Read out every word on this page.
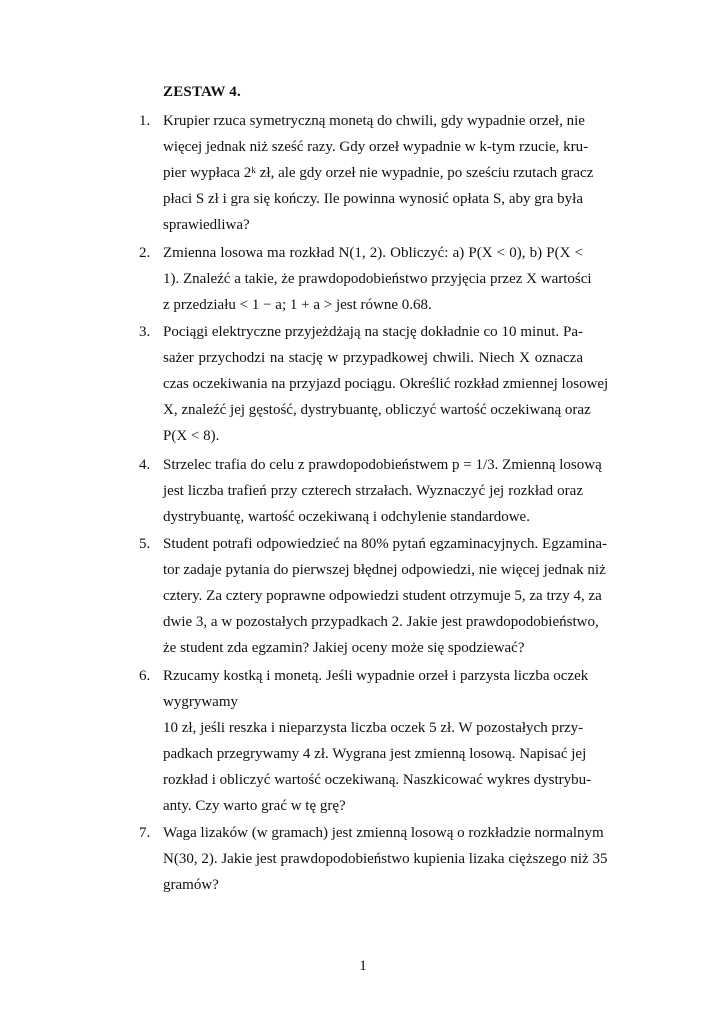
ZESTAW 4.
1. Krupier rzuca symetryczną monetą do chwili, gdy wypadnie orzeł, nie
więcej jednak niż sześć razy. Gdy orzeł wypadnie w k-tym rzucie, kru-
pier wypłaca 2ᵏ zł, ale gdy orzeł nie wypadnie, po sześciu rzutach gracz
płaci S zł i gra się kończy. Ile powinna wynosić opłata S, aby gra była
sprawiedliwa?
2. Zmienna losowa ma rozkład N(1, 2). Obliczyć: a) P(X < 0), b) P(X <
1). Znaleźć a takie, że prawdopodobieństwo przyjęcia przez X wartości
z przedziału < 1 − a; 1 + a > jest równe 0.68.
3. Pociągi elektryczne przyjeżdżają na stację dokładnie co 10 minut. Pa-
sażer przychodzi na stację w przypadkowej chwili. Niech X oznacza
czas oczekiwania na przyjazd pociągu. Określić rozkład zmiennej losowej
X, znaleźć jej gęstość, dystrybuantę, obliczyć wartość oczekiwaną oraz
P(X < 8).
4. Strzelec trafia do celu z prawdopodobieństwem p = 1/3. Zmienną losową
jest liczba trafień przy czterech strzałach. Wyznaczyć jej rozkład oraz
dystrybuantę, wartość oczekiwaną i odchylenie standardowe.
5. Student potrafi odpowiedzieć na 80% pytań egzaminacyjnych. Egzamina-
tor zadaje pytania do pierwszej błędnej odpowiedzi, nie więcej jednak niż
cztery. Za cztery poprawne odpowiedzi student otrzymuje 5, za trzy 4, za
dwie 3, a w pozostałych przypadkach 2. Jakie jest prawdopodobieństwo,
że student zda egzamin? Jakiej oceny może się spodziewać?
6. Rzucamy kostką i monetą. Jeśli wypadnie orzeł i parzysta liczba oczek
wygrywamy
10 zł, jeśli reszka i nieparzysta liczba oczek 5 zł. W pozostałych przy-
padkach przegrywamy 4 zł. Wygrana jest zmienną losową. Napisać jej
rozkład i obliczyć wartość oczekiwaną. Naszkicować wykres dystrybu-
anty. Czy warto grać w tę grę?
7. Waga lizaków (w gramach) jest zmienną losową o rozkładzie normalnym
N(30, 2). Jakie jest prawdopodobieństwo kupienia lizaka cięższego niż 35
gramów?
1
